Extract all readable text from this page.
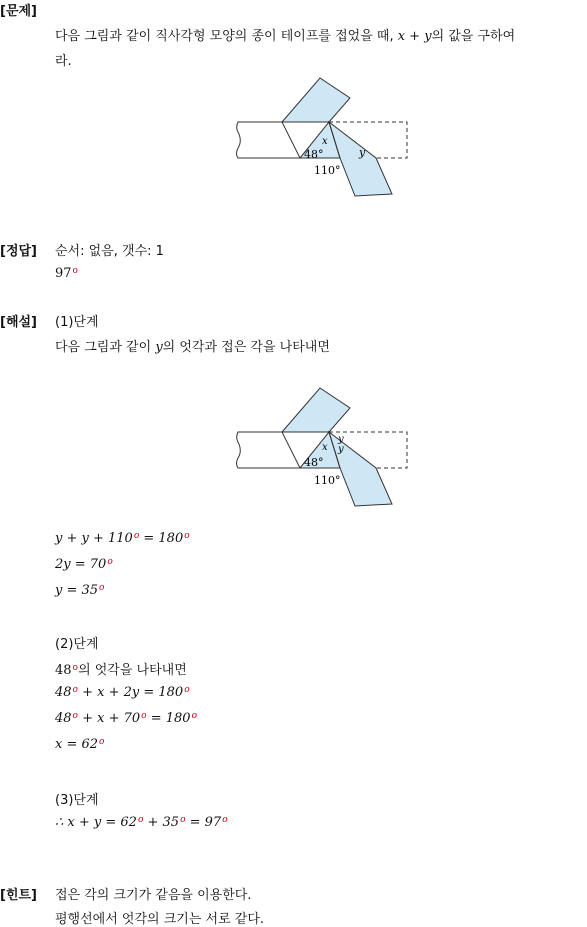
[문제]
[정답]
[해설]
[힌트]
다음 그림과 같이 직사각형 모양의 종이 테이프를 접었을 때, x + y의 값을 구하여
라.
48°
110°
x
y
순서: 없음, 갯수: 1
97$^o$
(1)단계
다음 그림과 같이 y의 엇각과 접은 각을 나타내면
48°
110°
x
y
y
$y + y + 110^o = 180^o$
$2y = 70^o$
$y = 35^o$
(2)단계
48$^o$의 엇각을 나타내면
$48^o + x + 2y = 180^o$
$48^o + x + 70^o = 180^o$
$x = 62^o$
(3)단계
∴ $x + y = 62^o + 35^o = 97^o$
접은 각의 크기가 같음을 이용한다.
평행선에서 엇각의 크기는 서로 같다.
